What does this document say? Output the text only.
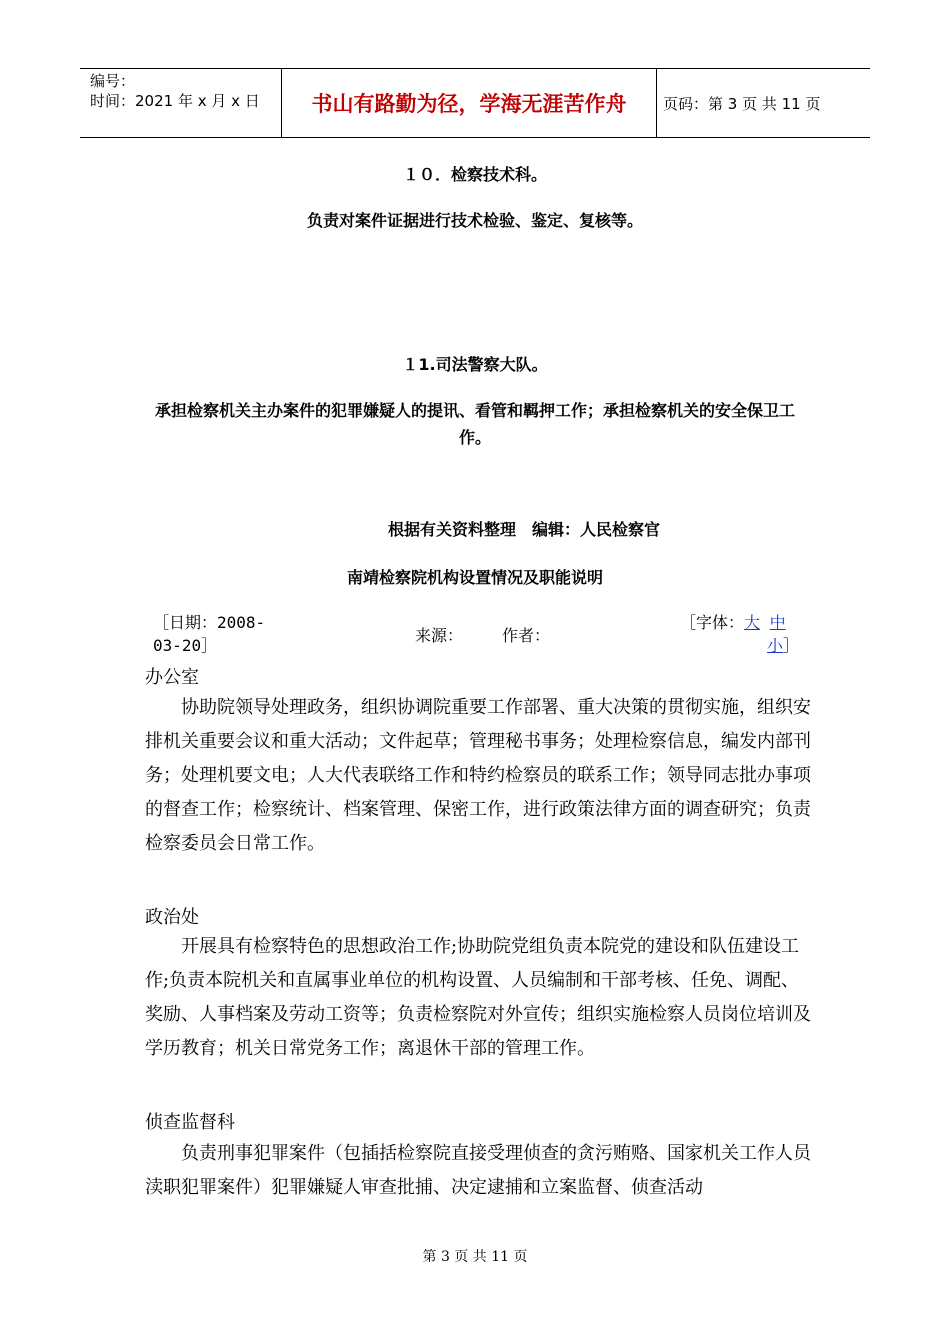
编号：
时间：2021 年 x 月 x 日	书山有路勤为径，学海无涯苦作舟	页码：第 3 页 共 11 页
１０．检察技术科。
负责对案件证据进行技术检验、鉴定、复核等。
１1.司法警察大队。
承担检察机关主办案件的犯罪嫌疑人的提讯、看管和羁押工作；承担检察机关的安全保卫工作。
根据有关资料整理　编辑：人民检察官
南靖检察院机构设置情况及职能说明
［日期：2008-03-20］
来源： 作者：
［字体：大 中
小］
办公室
　　协助院领导处理政务，组织协调院重要工作部署、重大决策的贯彻实施，组织安排机关重要会议和重大活动；文件起草；管理秘书事务；处理检察信息，编发内部刊务；处理机要文电；人大代表联络工作和特约检察员的联系工作；领导同志批办事项的督查工作；检察统计、档案管理、保密工作，进行政策法律方面的调查研究；负责检察委员会日常工作。
政治处
　　开展具有检察特色的思想政治工作;协助院党组负责本院党的建设和队伍建设工作;负责本院机关和直属事业单位的机构设置、人员编制和干部考核、任免、调配、奖励、人事档案及劳动工资等；负责检察院对外宣传；组织实施检察人员岗位培训及学历教育；机关日常党务工作；离退休干部的管理工作。
侦查监督科
　　负责刑事犯罪案件（包插括检察院直接受理侦查的贪污贿赂、国家机关工作人员渎职犯罪案件）犯罪嫌疑人审查批捕、决定逮捕和立案监督、侦查活动
第 3 页 共 11 页
